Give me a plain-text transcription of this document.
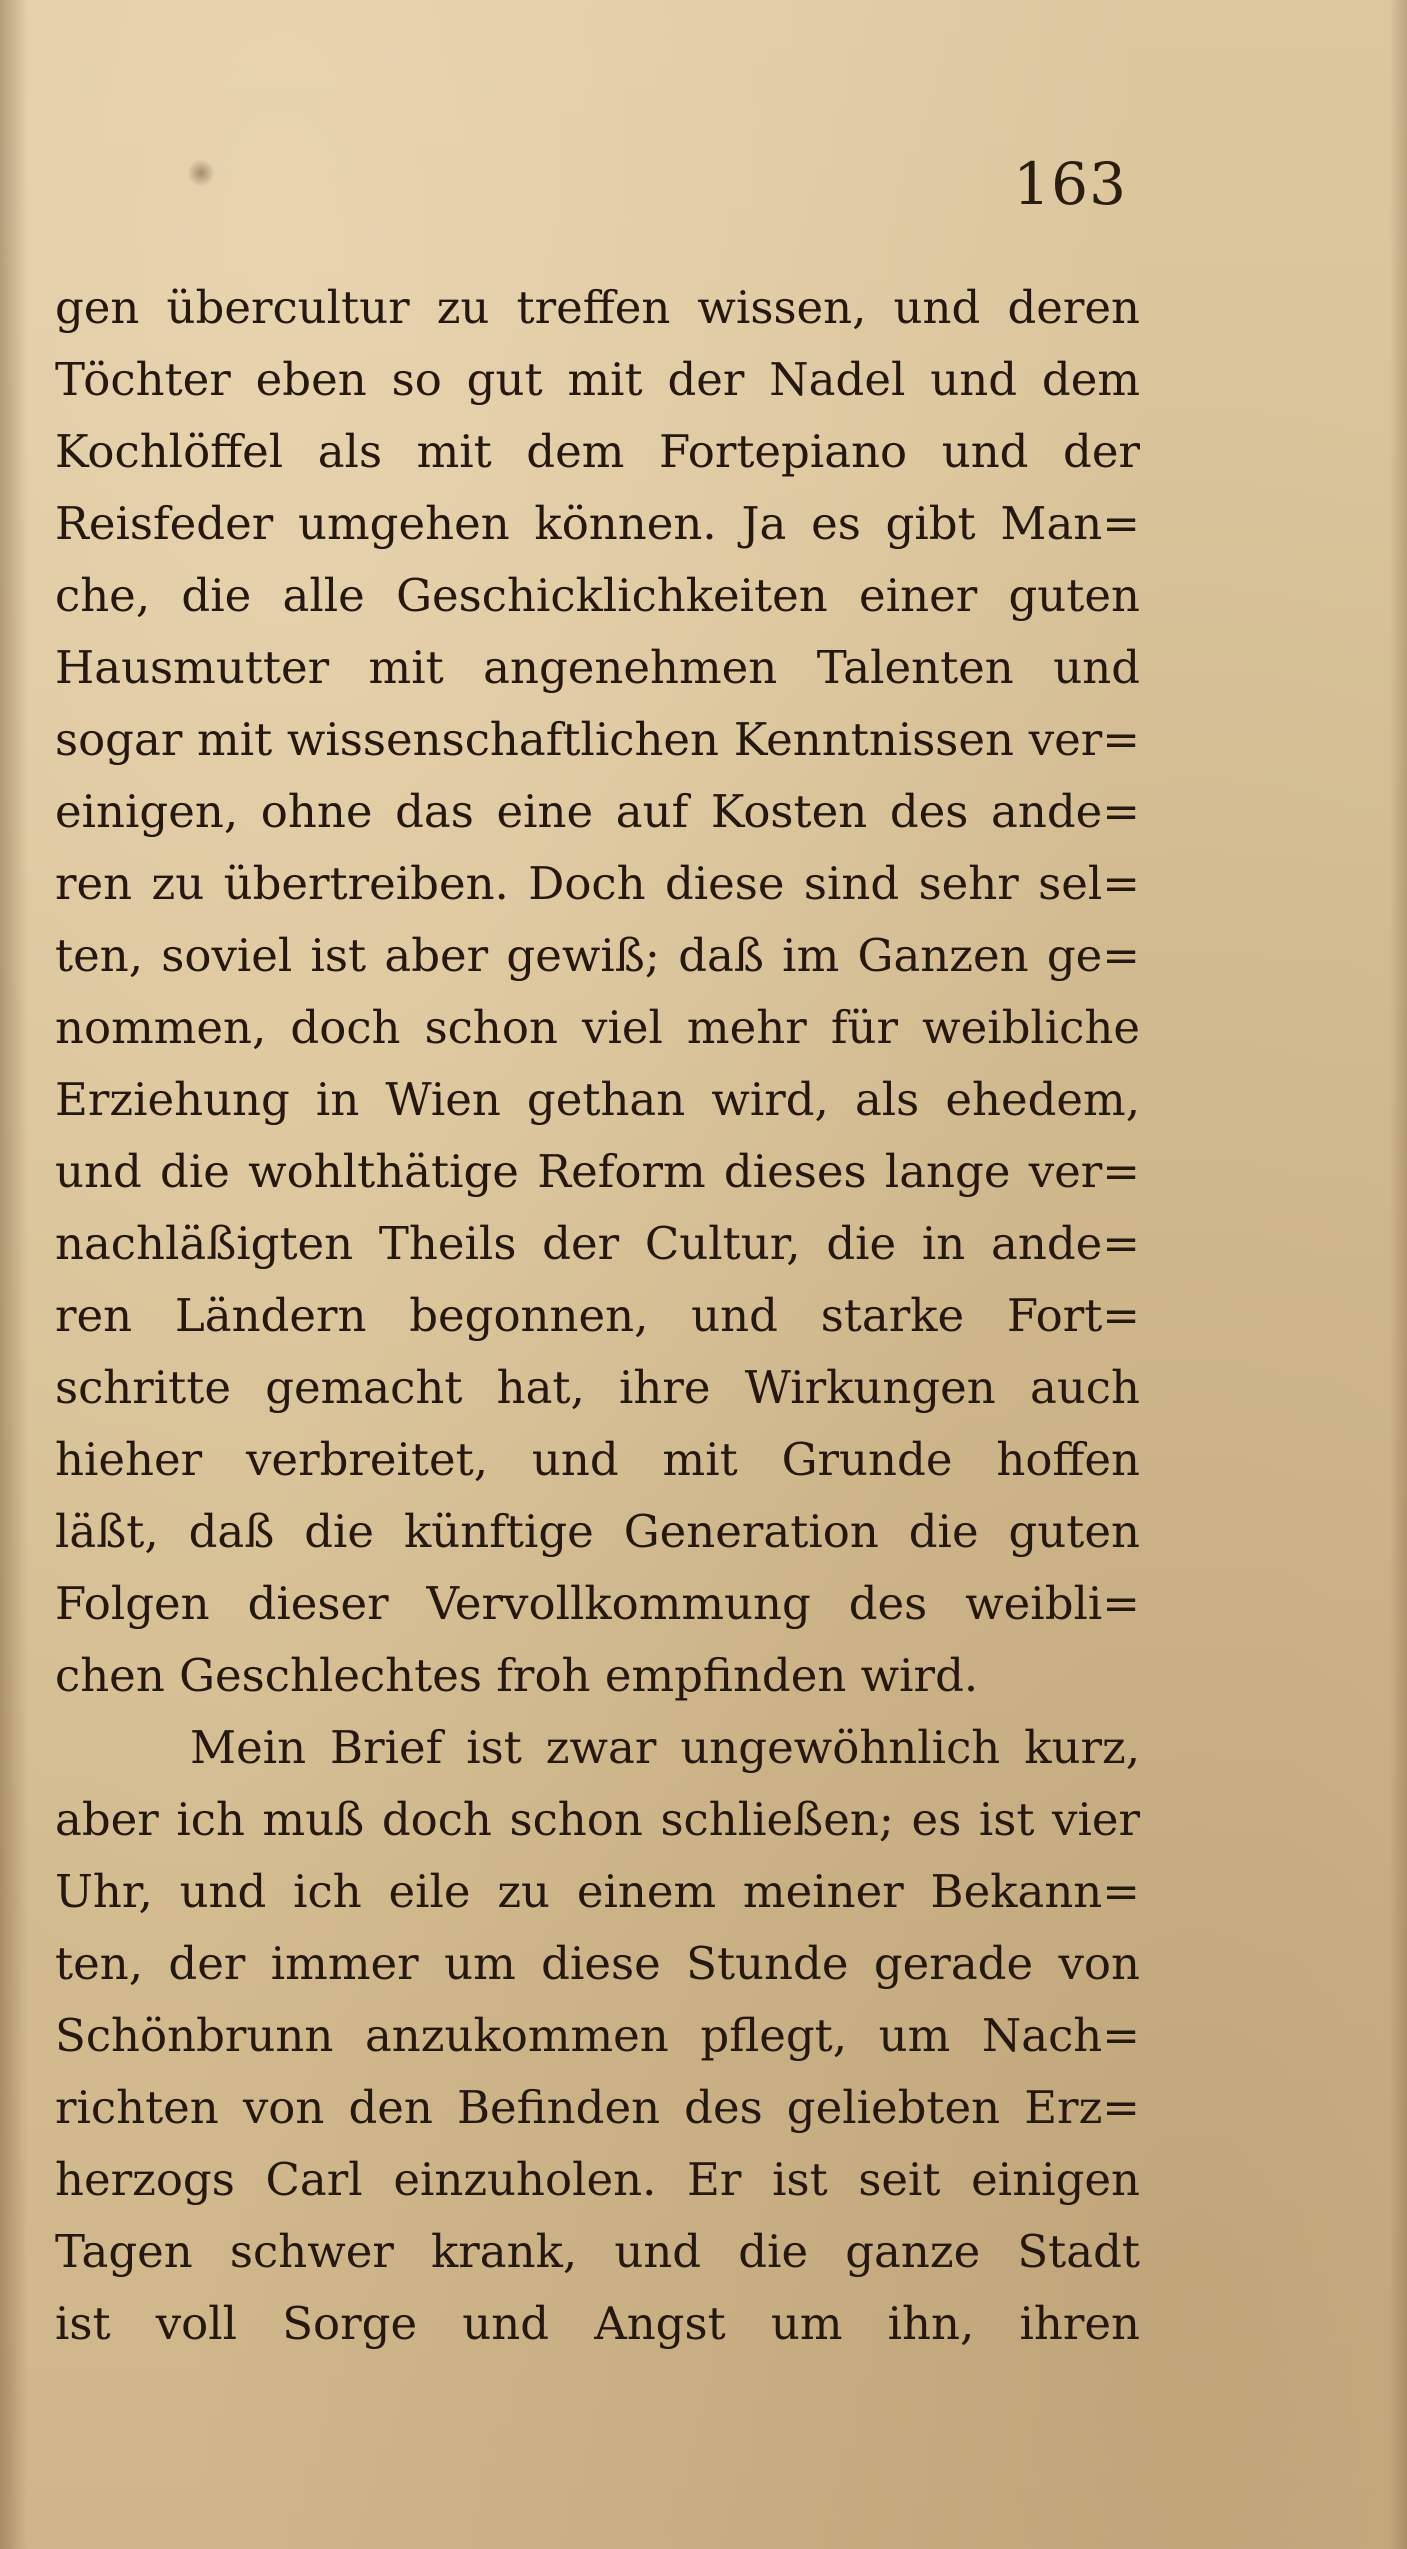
163
gen übercultur zu treffen wissen, und deren
Töchter eben so gut mit der Nadel und dem
Kochlöffel als mit dem Fortepiano und der
Reisfeder umgehen können. Ja es gibt Man=
che, die alle Geschicklichkeiten einer guten
Hausmutter mit angenehmen Talenten und
sogar mit wissenschaftlichen Kenntnissen ver=
einigen, ohne das eine auf Kosten des ande=
ren zu übertreiben. Doch diese sind sehr sel=
ten, soviel ist aber gewiß; daß im Ganzen ge=
nommen, doch schon viel mehr für weibliche
Erziehung in Wien gethan wird, als ehedem,
und die wohlthätige Reform dieses lange ver=
nachläßigten Theils der Cultur, die in ande=
ren Ländern begonnen, und starke Fort=
schritte gemacht hat, ihre Wirkungen auch
hieher verbreitet, und mit Grunde hoffen
läßt, daß die künftige Generation die guten
Folgen dieser Vervollkommung des weibli=
chen Geschlechtes froh empfinden wird.
Mein Brief ist zwar ungewöhnlich kurz,
aber ich muß doch schon schließen; es ist vier
Uhr, und ich eile zu einem meiner Bekann=
ten, der immer um diese Stunde gerade von
Schönbrunn anzukommen pflegt, um Nach=
richten von den Befinden des geliebten Erz=
herzogs Carl einzuholen. Er ist seit einigen
Tagen schwer krank, und die ganze Stadt
ist voll Sorge und Angst um ihn, ihren
